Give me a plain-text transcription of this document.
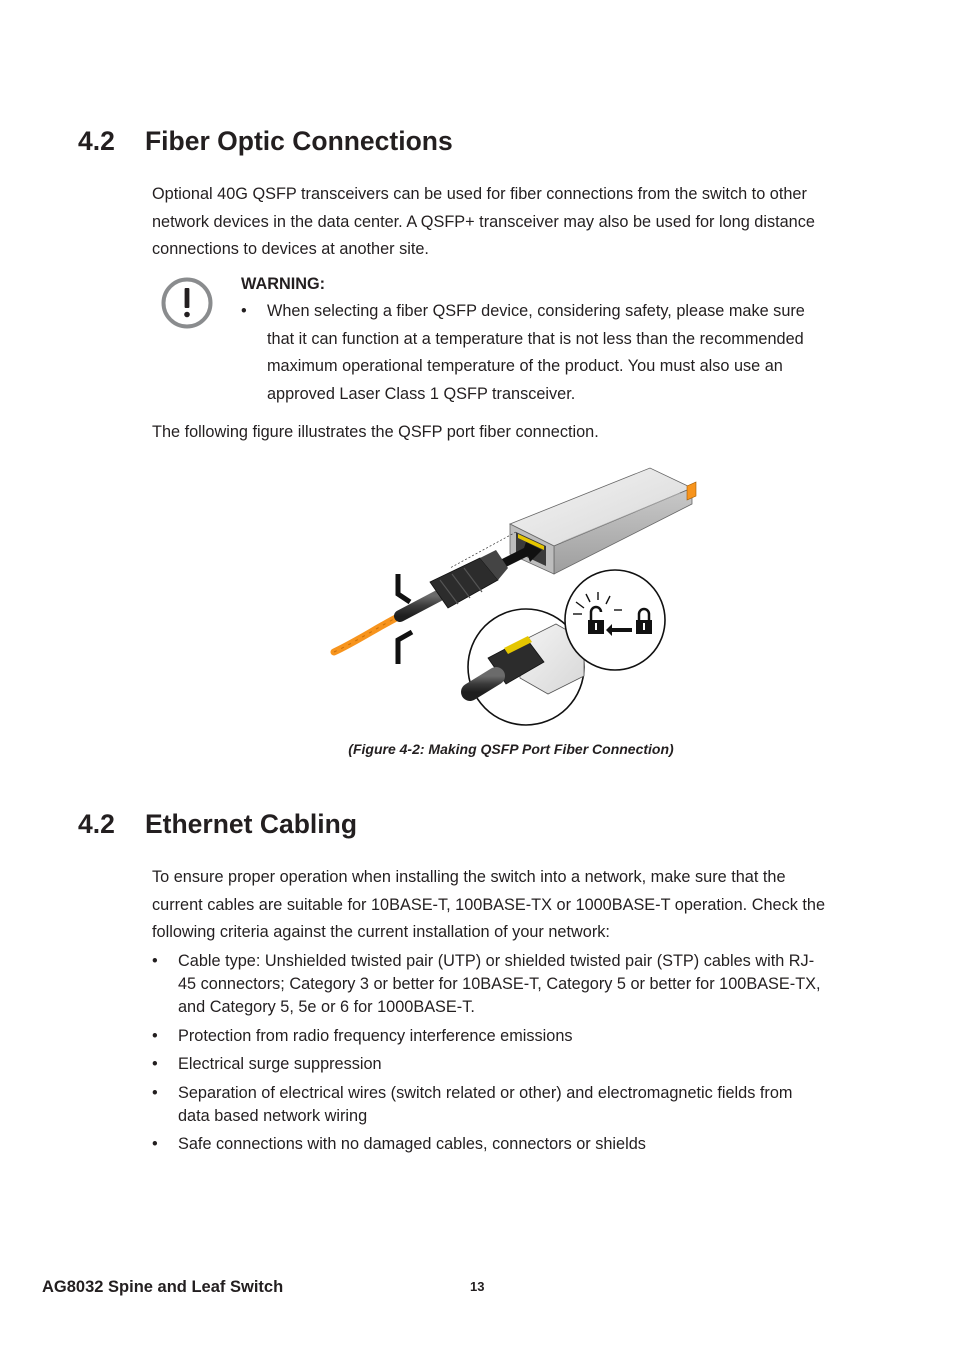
4.2 Fiber Optic Connections

Optional 40G QSFP transceivers can be used for fiber connections from the switch to other
network devices in the data center. A QSFP+ transceiver may also be used for long distance
connections to devices at another site.

WARNING:
• When selecting a fiber QSFP device, considering safety, please make sure
that it can function at a temperature that is not less than the recommended
maximum operational temperature of the product. You must also use an
approved Laser Class 1 QSFP transceiver.

The following figure illustrates the QSFP port fiber connection.

(Figure 4-2: Making QSFP Port Fiber Connection)
4.2 Ethernet Cabling

To ensure proper operation when installing the switch into a network, make sure that the
current cables are suitable for 10BASE-T, 100BASE-TX or 1000BASE-T operation. Check the
following criteria against the current installation of your network:

• Cable type: Unshielded twisted pair (UTP) or shielded twisted pair (STP) cables with RJ-
45 connectors; Category 3 or better for 10BASE-T, Category 5 or better for 100BASE-TX,
and Category 5, 5e or 6 for 1000BASE-T.
• Protection from radio frequency interference emissions
• Electrical surge suppression
• Separation of electrical wires (switch related or other) and electromagnetic fields from
data based network wiring
• Safe connections with no damaged cables, connectors or shields
AG8032 Spine and Leaf Switch	13
